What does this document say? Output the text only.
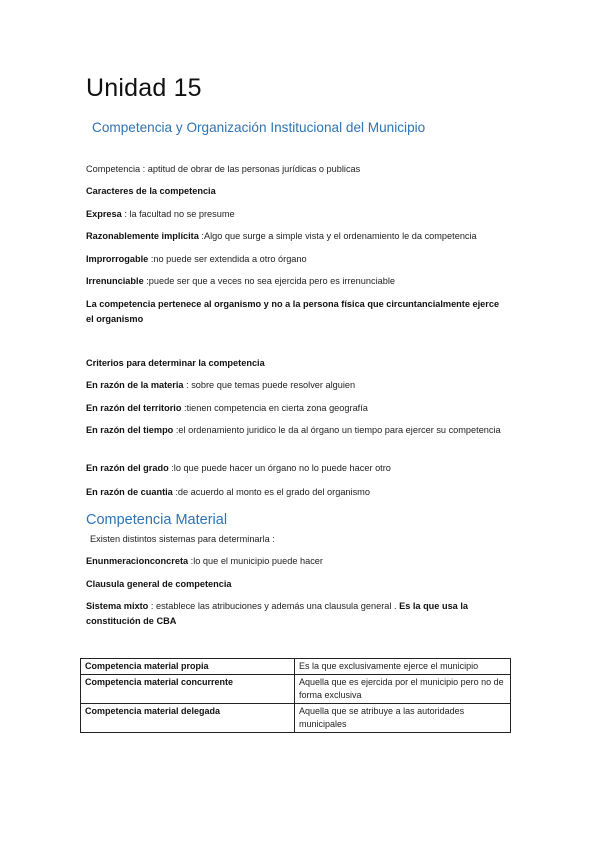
Unidad 15
Competencia y Organización Institucional del Municipio
Competencia : aptitud de obrar de las personas jurídicas o publicas
Caracteres de la competencia
Expresa : la facultad no se presume
Razonablemente implícita :Algo que surge a simple vista y el ordenamiento le da competencia
Improrrogable :no puede ser extendida a otro órgano
Irrenunciable :puede ser que a veces no sea ejercida pero es irrenunciable
La competencia pertenece al organismo y no a la persona física que circuntancialmente ejerce el organismo
Criterios para determinar la competencia
En razón de la materia : sobre que temas puede resolver alguien
En razón del territorio :tienen competencia en cierta zona geografía
En razón del tiempo :el ordenamiento juridico le da al órgano un tiempo para ejercer su competencia
En razón del grado :lo que puede hacer un órgano no lo puede hacer otro
En razón de cuantia :de acuerdo al monto es el grado del organismo
Competencia Material
Existen distintos sistemas para determinarla :
Enunmeracionconcreta :lo que el municipio puede hacer
Clausula general de competencia
Sistema mixto : establece las atribuciones y además una clausula general . Es la que usa la constitución de CBA
Competencia material propia	Es la que exclusivamente ejerce el municipio
Competencia material concurrente	Aquella que es ejercida por el municipio pero no de forma exclusiva
Competencia material delegada	Aquella que se atribuye a las autoridades municipales
